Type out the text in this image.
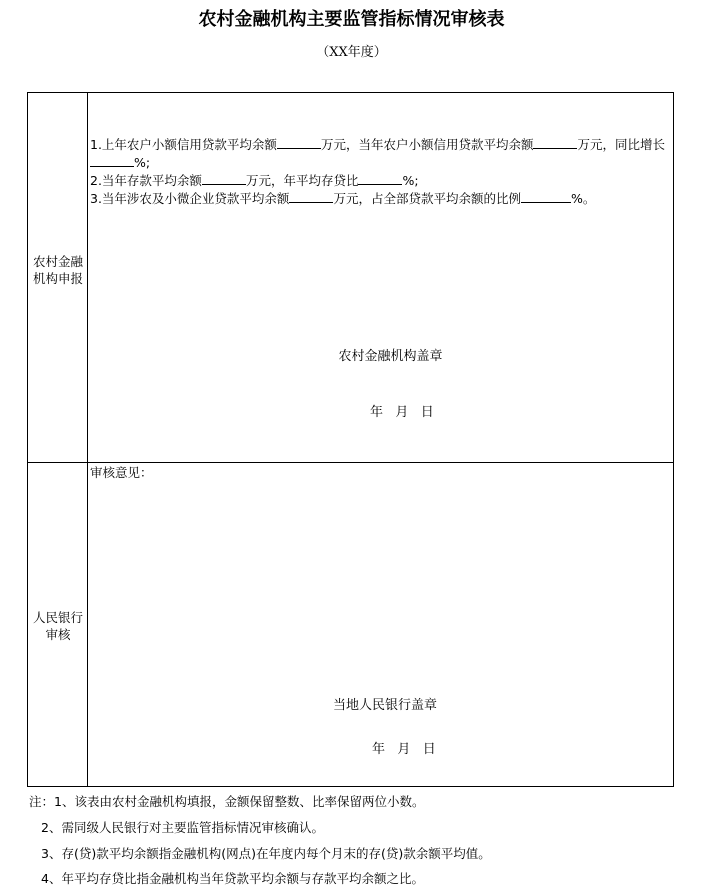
农村金融机构主要监管指标情况审核表
（XX年度）
农村金融机构申报

1.上年农户小额信用贷款平均余额	万元，当年农户小额信用贷款平均余额	万元，同比增长%;

2.当年存款平均余额	万元，年平均存贷比	%;

3.当年涉农及小微企业贷款平均余额	万元，占全部贷款平均余额的比例	%。

农村金融机构盖章
年   月   日
人民银行审核
审核意见：
当地人民银行盖章
年   月   日
注：1、该表由农村金融机构填报，金额保留整数、比率保留两位小数。
2、需同级人民银行对主要监管指标情况审核确认。
3、存(贷)款平均余额指金融机构(网点)在年度内每个月末的存(贷)款余额平均值。
4、年平均存贷比指金融机构当年贷款平均余额与存款平均余额之比。
